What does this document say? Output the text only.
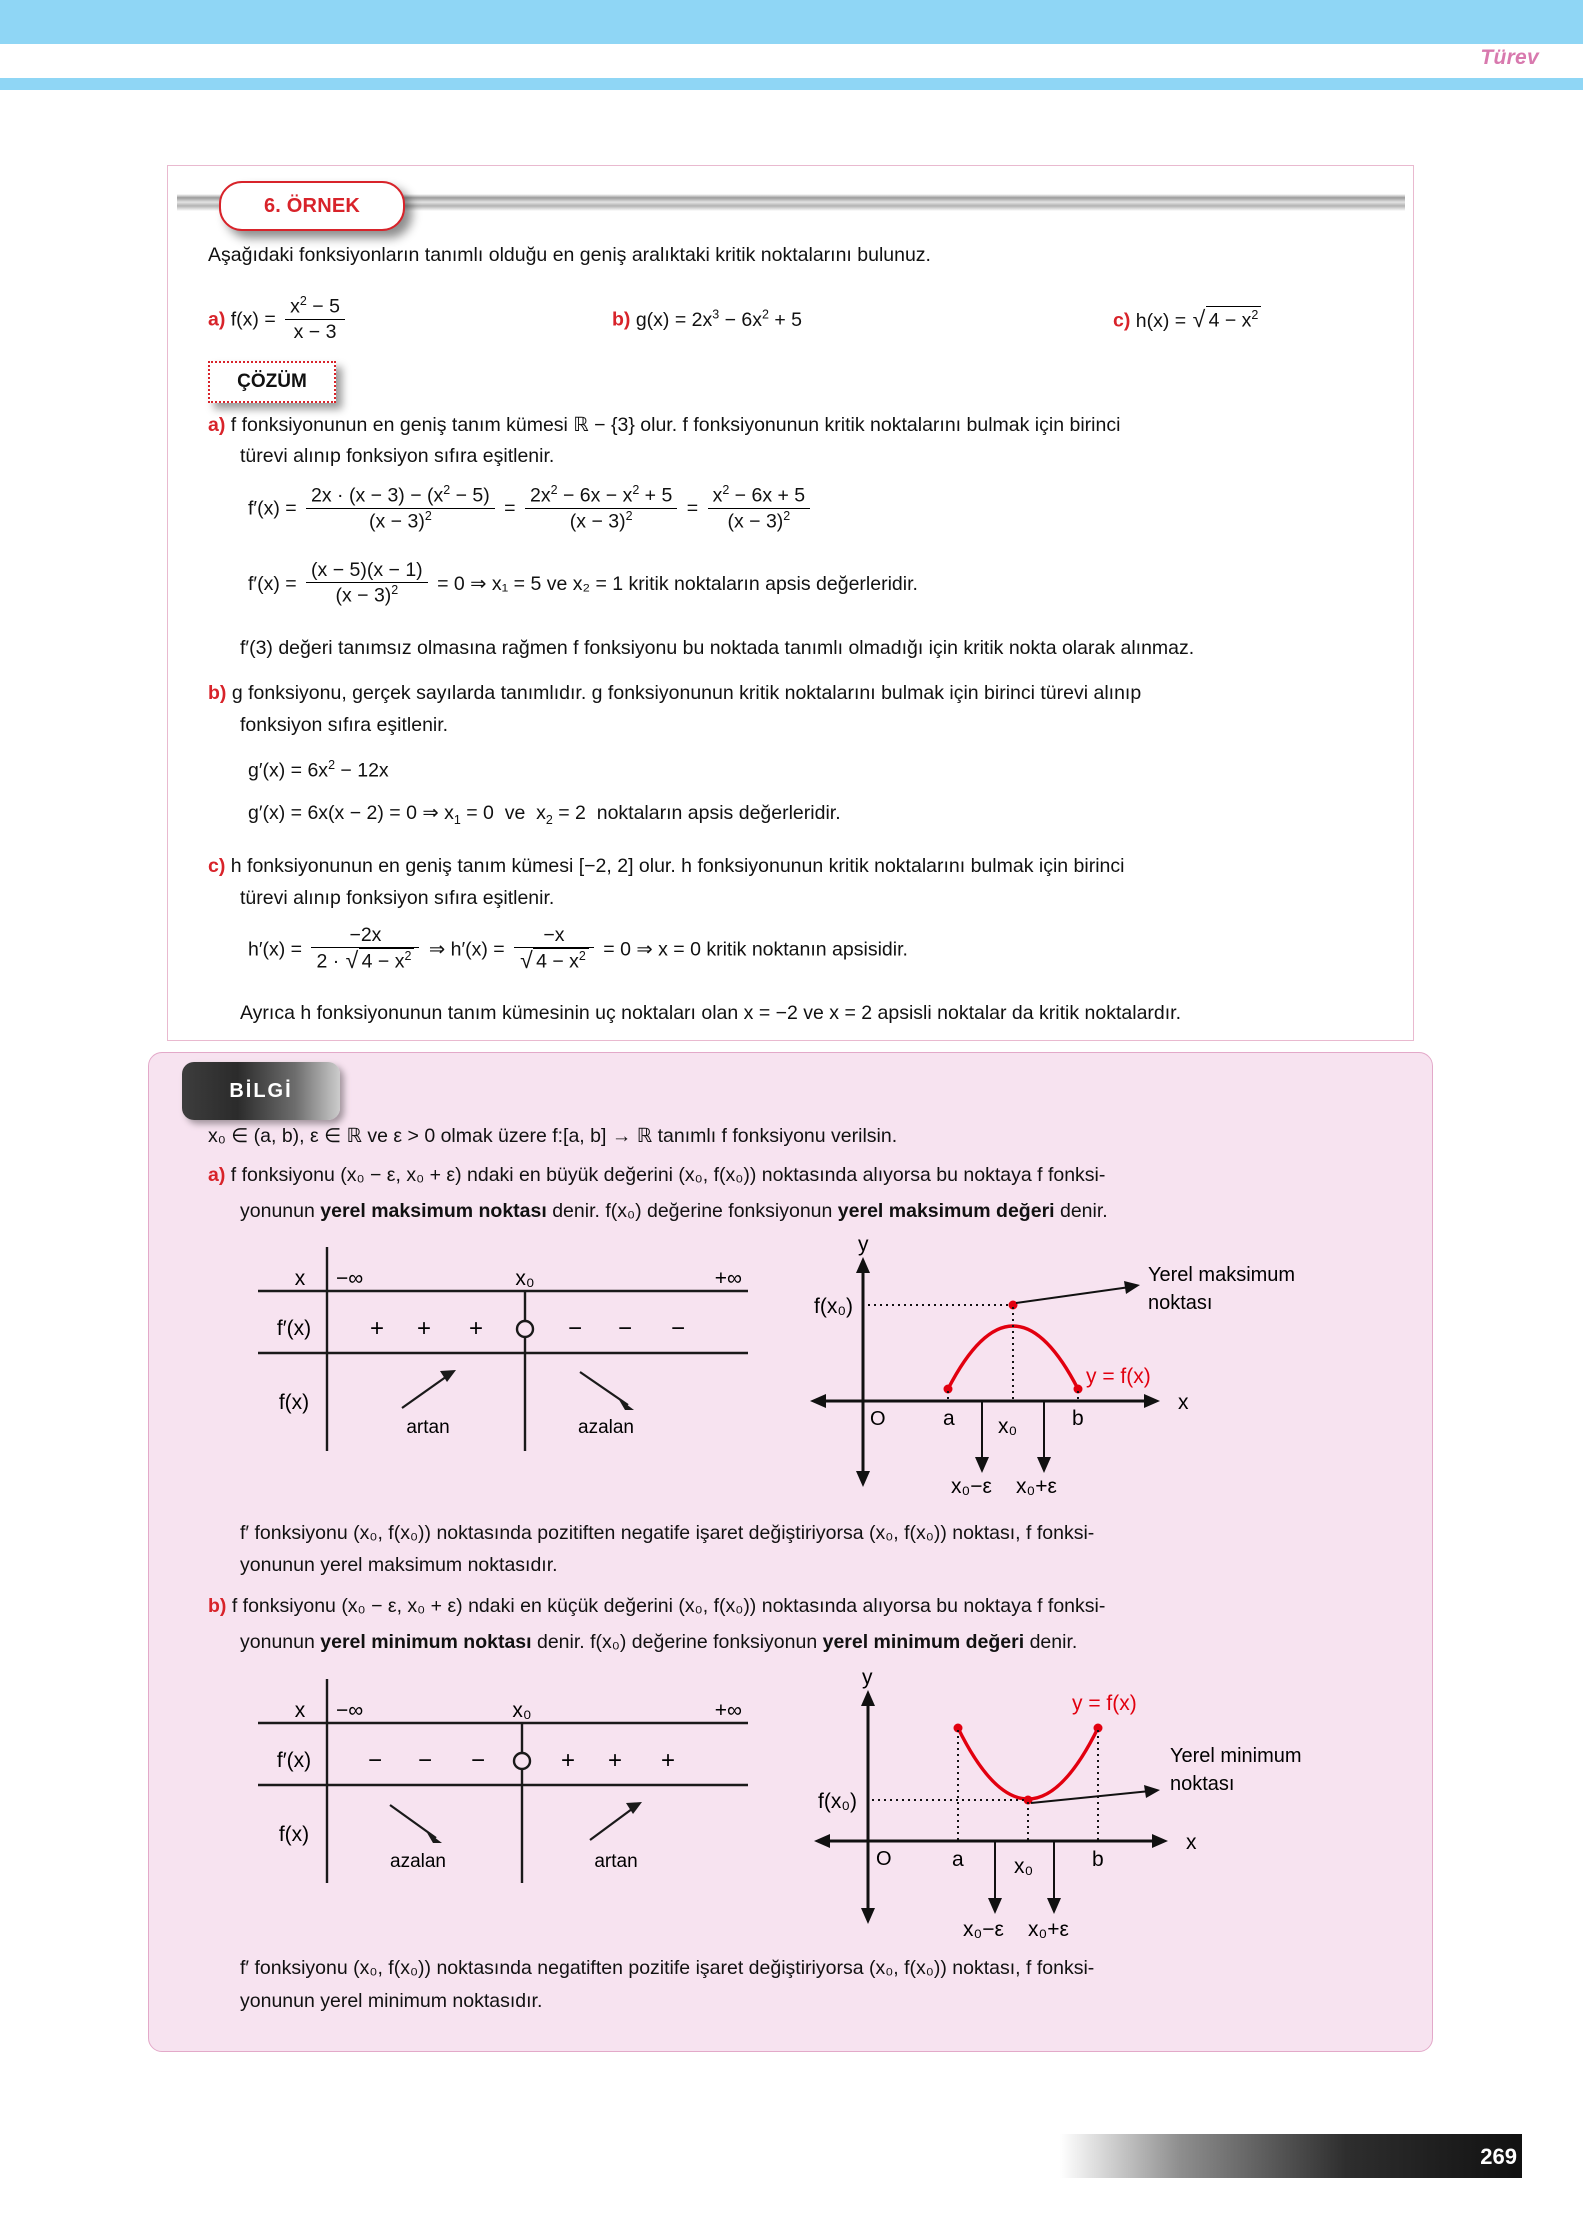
Türev
6. ÖRNEK
Aşağıdaki fonksiyonların tanımlı olduğu en geniş aralıktaki kritik noktalarını bulunuz.
a) $f(x) = \frac{x^2 - 5}{x - 3}$	b) $g(x) = 2x^3 - 6x^2 + 5$	c) h(x) = √ $4 - x^2$
ÇÖZÜM
a) f fonksiyonunun en geniş tanım kümesi ℝ − {3} olur. f fonksiyonunun kritik noktalarını bulmak için birinci
türevi alınıp fonksiyon sıfıra eşitlenir.
$f'(x) = \frac{2x \cdot (x - 3) - (x^2 - 5)}{(x - 3)^2} = \frac{2x^2 - 6x - x^2 + 5}{(x - 3)^2} = \frac{x^2 - 6x + 5}{(x - 3)^2}$
$f'(x) = \frac{(x - 5)(x - 1)}{(x - 3)^2} = 0$ ⇒ x₁ = 5 ve x₂ = 1 kritik noktaların apsis değerleridir.
f′(3) değeri tanımsız olmasına rağmen f fonksiyonu bu noktada tanımlı olmadığı için kritik nokta olarak alınmaz.
b) g fonksiyonu, gerçek sayılarda tanımlıdır. g fonksiyonunun kritik noktalarını bulmak için birinci türevi alınıp
fonksiyon sıfıra eşitlenir.
$g'(x) = 6x^2 - 12x$
g′(x) = 6x(x − 2) = 0 ⇒ $x_1 = 0$  ve  $x_2 = 2$  noktaların apsis değerleridir.
c) h fonksiyonunun en geniş tanım kümesi [−2, 2] olur. h fonksiyonunun kritik noktalarını bulmak için birinci
türevi alınıp fonksiyon sıfıra eşitlenir.
$h'(x) = \frac{-2x}{2 \cdot √ 4 - x^2}$ ⇒ h′(x) = −x
√ $4 - x^2 = 0$ ⇒ x = 0 kritik noktanın apsisidir.
Ayrıca h fonksiyonunun tanım kümesinin uç noktaları olan x = −2 ve x = 2 apsisli noktalar da kritik noktalardır.
BİLGİ
x₀ ∈ (a, b), ε ∈ ℝ ve ε > 0 olmak üzere f:[a, b] → ℝ tanımlı f fonksiyonu verilsin.
a) f fonksiyonu (x₀ − ε, x₀ + ε) ndaki en büyük değerini (x₀, f(x₀)) noktasında alıyorsa bu noktaya f fonksi-
yonunun yerel maksimum noktası denir. f(x₀) değerine fonksiyonun yerel maksimum değeri denir.
x −∞	x₀	+∞
f′(x) + + +	− − −
f(x)
artan	azalan
x
y
O
f(x₀)
a x₀	b
Yerel maksimum
noktası
y = f(x)
x₀−ε x₀+ε
f′ fonksiyonu (x₀, f(x₀)) noktasında pozitiften negatife işaret değiştiriyorsa (x₀, f(x₀)) noktası, f fonksi-
yonunun yerel maksimum noktasıdır.
b) f fonksiyonu (x₀ − ε, x₀ + ε) ndaki en küçük değerini (x₀, f(x₀)) noktasında alıyorsa bu noktaya f fonksi-
yonunun yerel minimum noktası denir. f(x₀) değerine fonksiyonun yerel minimum değeri denir.
x −∞	x₀	+∞
f′(x) − − −	+ + +
f(x)
azalan	artan
x
y
O
f(x₀)
a x₀	b
Yerel minimum
noktası
y = f(x)
x₀−ε x₀+ε
f′ fonksiyonu (x₀, f(x₀)) noktasında negatiften pozitife işaret değiştiriyorsa (x₀, f(x₀)) noktası, f fonksi-
yonunun yerel minimum noktasıdır.
269
